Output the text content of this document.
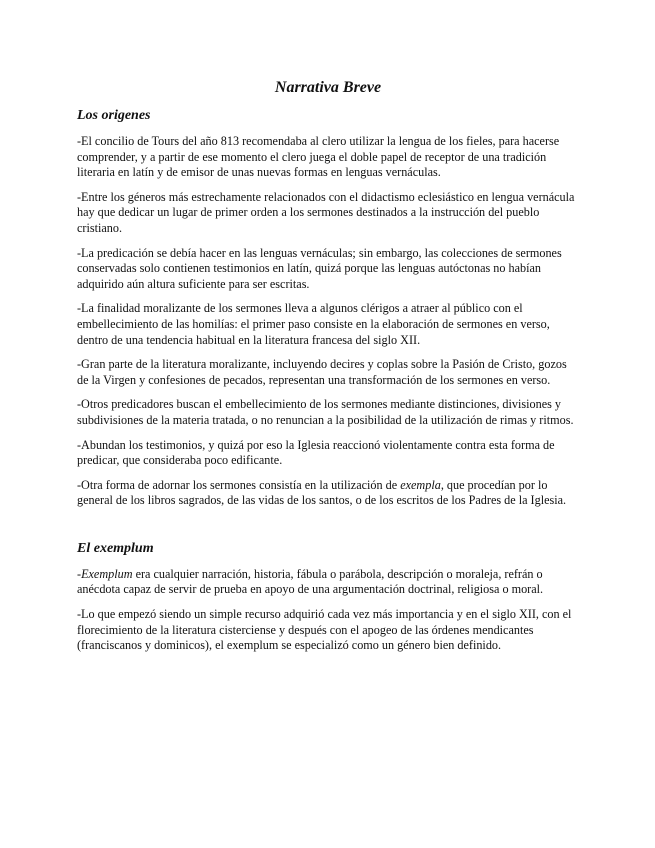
Narrativa Breve
Los origenes

-El concilio de Tours del año 813 recomendaba al clero utilizar la lengua de los fieles, para hacerse comprender, y a partir de ese momento el clero juega el doble papel de receptor de una tradición literaria en latín y de emisor de unas nuevas formas en lenguas vernáculas.

-Entre los géneros más estrechamente relacionados con el didactismo eclesiástico en lengua vernácula hay que dedicar un lugar de primer orden a los sermones destinados a la instrucción del pueblo cristiano.

-La predicación se debía hacer en las lenguas vernáculas; sin embargo, las colecciones de sermones conservadas solo contienen testimonios en latín, quizá porque las lenguas autóctonas no habían adquirido aún altura suficiente para ser escritas.

-La finalidad moralizante de los sermones lleva a algunos clérigos a atraer al público con el embellecimiento de las homilías: el primer paso consiste en la elaboración de sermones en verso, dentro de una tendencia habitual en la literatura francesa del siglo XII.

-Gran parte de la literatura moralizante, incluyendo decires y coplas sobre la Pasión de Cristo, gozos de la Virgen y confesiones de pecados, representan una transformación de los sermones en verso.

-Otros predicadores buscan el embellecimiento de los sermones mediante distinciones, divisiones y subdivisiones de la materia tratada, o no renuncian a la posibilidad de la utilización de rimas y ritmos.

-Abundan los testimonios, y quizá por eso la Iglesia reaccionó violentamente contra esta forma de predicar, que consideraba poco edificante.

-Otra forma de adornar los sermones consistía en la utilización de exempla, que procedían por lo general de los libros sagrados, de las vidas de los santos, o de los escritos de los Padres de la Iglesia.

El exemplum

-Exemplum era cualquier narración, historia, fábula o parábola, descripción o moraleja, refrán o anécdota capaz de servir de prueba en apoyo de una argumentación doctrinal, religiosa o moral.

-Lo que empezó siendo un simple recurso adquirió cada vez más importancia y en el siglo XII, con el florecimiento de la literatura cisterciense y después con el apogeo de las órdenes mendicantes (franciscanos y dominicos), el exemplum se especializó como un género bien definido.
